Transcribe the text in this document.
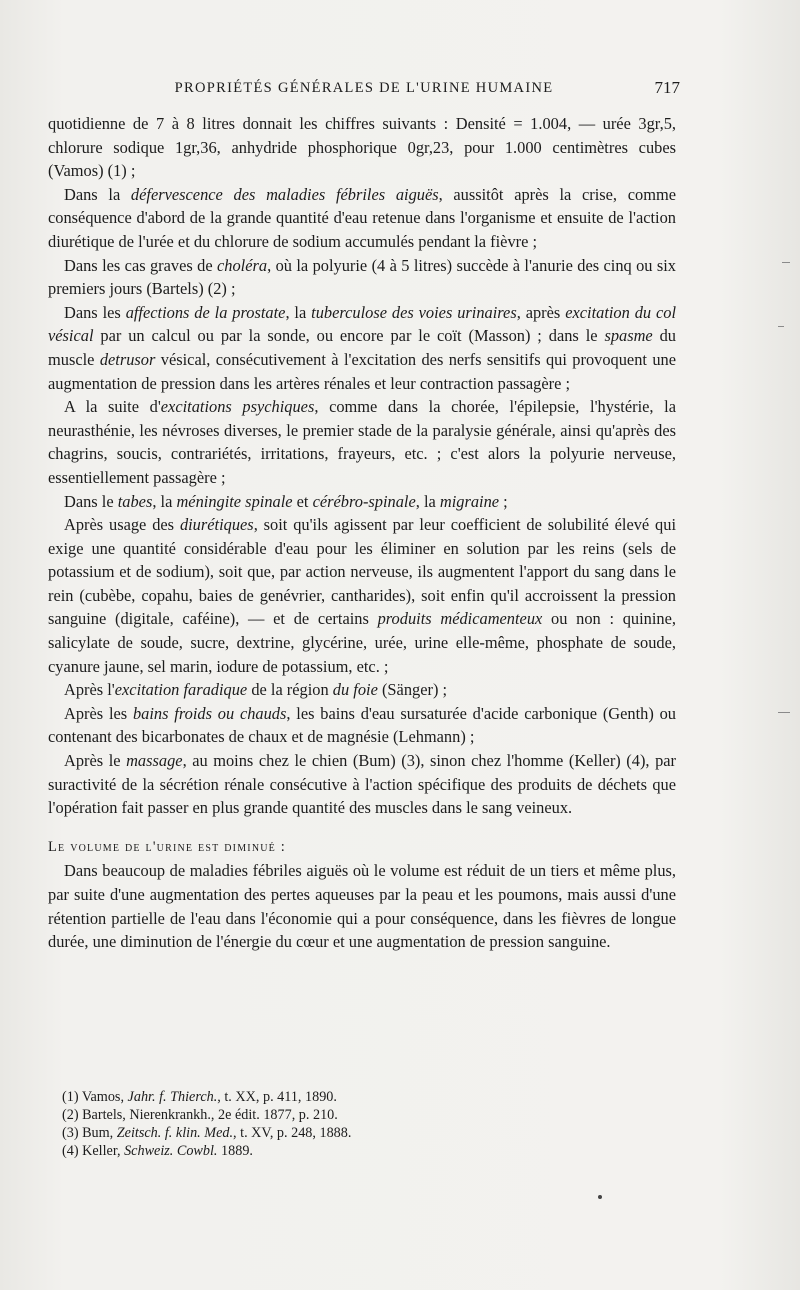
PROPRIÉTÉS GÉNÉRALES DE L'URINE HUMAINE	717

quotidienne de 7 à 8 litres donnait les chiffres suivants : Densité = 1.004, — urée 3gr,5, chlorure sodique 1gr,36, anhydride phosphorique 0gr,23, pour 1.000 centimètres cubes (Vamos) (1) ;

Dans la défervescence des maladies fébriles aiguës, aussitôt après la crise, comme conséquence d'abord de la grande quantité d'eau retenue dans l'organisme et ensuite de l'action diurétique de l'urée et du chlorure de sodium accumulés pendant la fièvre ;

Dans les cas graves de choléra, où la polyurie (4 à 5 litres) succède à l'anurie des cinq ou six premiers jours (Bartels) (2) ;

Dans les affections de la prostate, la tuberculose des voies urinaires, après excitation du col vésical par un calcul ou par la sonde, ou encore par le coït (Masson) ; dans le spasme du muscle detrusor vésical, consécutivement à l'excitation des nerfs sensitifs qui provoquent une augmentation de pression dans les artères rénales et leur contraction passagère ;

A la suite d'excitations psychiques, comme dans la chorée, l'épilepsie, l'hystérie, la neurasthénie, les névroses diverses, le premier stade de la paralysie générale, ainsi qu'après des chagrins, soucis, contrariétés, irritations, frayeurs, etc. ; c'est alors la polyurie nerveuse, essentiellement passagère ;

Dans le tabes, la méningite spinale et cérébro-spinale, la migraine ;

Après usage des diurétiques, soit qu'ils agissent par leur coefficient de solubilité élevé qui exige une quantité considérable d'eau pour les éliminer en solution par les reins (sels de potassium et de sodium), soit que, par action nerveuse, ils augmentent l'apport du sang dans le rein (cubèbe, copahu, baies de genévrier, cantharides), soit enfin qu'il accroissent la pression sanguine (digitale, caféine), — et de certains produits médicamenteux ou non : quinine, salicylate de soude, sucre, dextrine, glycérine, urée, urine elle-même, phosphate de soude, cyanure jaune, sel marin, iodure de potassium, etc. ;

Après l'excitation faradique de la région du foie (Sänger) ;

Après les bains froids ou chauds, les bains d'eau sursaturée d'acide carbonique (Genth) ou contenant des bicarbonates de chaux et de magnésie (Lehmann) ;

Après le massage, au moins chez le chien (Bum) (3), sinon chez l'homme (Keller) (4), par suractivité de la sécrétion rénale consécutive à l'action spécifique des produits de déchets que l'opération fait passer en plus grande quantité des muscles dans le sang veineux.

Le volume de l'urine est diminué :

Dans beaucoup de maladies fébriles aiguës où le volume est réduit de un tiers et même plus, par suite d'une augmentation des pertes aqueuses par la peau et les poumons, mais aussi d'une rétention partielle de l'eau dans l'économie qui a pour conséquence, dans les fièvres de longue durée, une diminution de l'énergie du cœur et une augmentation de pression sanguine.

(1) Vamos, Jahr. f. Thierch., t. XX, p. 411, 1890.
(2) Bartels, Nierenkrankh., 2e édit. 1877, p. 210.
(3) Bum, Zeitsch. f. klin. Med., t. XV, p. 248, 1888.
(4) Keller, Schweiz. Cowbl. 1889.
